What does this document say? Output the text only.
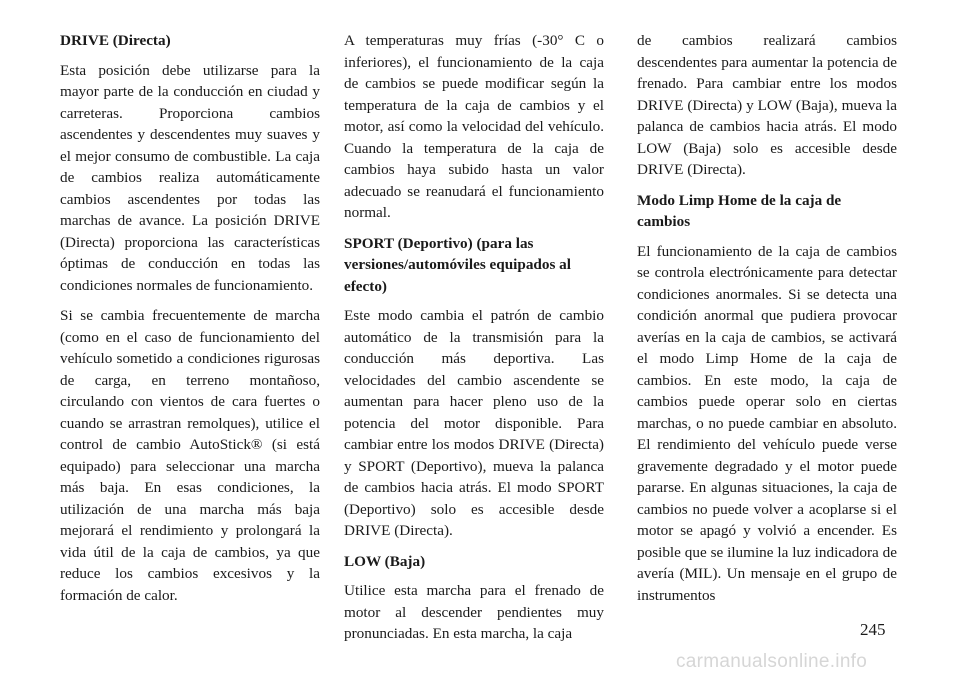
DRIVE (Directa)

Esta posición debe utilizarse para la mayor parte de la conducción en ciudad y carreteras. Proporciona cambios ascendentes y descendentes muy suaves y el mejor consumo de combustible. La caja de cambios realiza automáticamente cambios ascendentes por todas las marchas de avance. La posición DRIVE (Directa) proporciona las características óptimas de conducción en todas las condiciones normales de funcionamiento.

Si se cambia frecuentemente de marcha (como en el caso de funcionamiento del vehículo sometido a condiciones rigurosas de carga, en terreno montañoso, circulando con vientos de cara fuertes o cuando se arrastran remolques), utilice el control de cambio AutoStick® (si está equipado) para seleccionar una marcha más baja. En esas condiciones, la utilización de una marcha más baja mejorará el rendimiento y prolongará la vida útil de la caja de cambios, ya que reduce los cambios excesivos y la formación de calor.

A temperaturas muy frías (-30° C o inferiores), el funcionamiento de la caja de cambios se puede modificar según la temperatura de la caja de cambios y el motor, así como la velocidad del vehículo. Cuando la temperatura de la caja de cambios haya subido hasta un valor adecuado se reanudará el funcionamiento normal.

SPORT (Deportivo) (para las versiones/automóviles equipados al efecto)

Este modo cambia el patrón de cambio automático de la transmisión para la conducción más deportiva. Las velocidades del cambio ascendente se aumentan para hacer pleno uso de la potencia del motor disponible. Para cambiar entre los modos DRIVE (Directa) y SPORT (Deportivo), mueva la palanca de cambios hacia atrás. El modo SPORT (Deportivo) solo es accesible desde DRIVE (Directa).

LOW (Baja)

Utilice esta marcha para el frenado de motor al descender pendientes muy pronunciadas. En esta marcha, la caja

de cambios realizará cambios descendentes para aumentar la potencia de frenado. Para cambiar entre los modos DRIVE (Directa) y LOW (Baja), mueva la palanca de cambios hacia atrás. El modo LOW (Baja) solo es accesible desde DRIVE (Directa).

Modo Limp Home de la caja de cambios

El funcionamiento de la caja de cambios se controla electrónicamente para detectar condiciones anormales. Si se detecta una condición anormal que pudiera provocar averías en la caja de cambios, se activará el modo Limp Home de la caja de cambios. En este modo, la caja de cambios puede operar solo en ciertas marchas, o no puede cambiar en absoluto. El rendimiento del vehículo puede verse gravemente degradado y el motor puede pararse. En algunas situaciones, la caja de cambios no puede volver a acoplarse si el motor se apagó y volvió a encender. Es posible que se ilumine la luz indicadora de avería (MIL). Un mensaje en el grupo de instrumentos

245
carmanualsonline.info
